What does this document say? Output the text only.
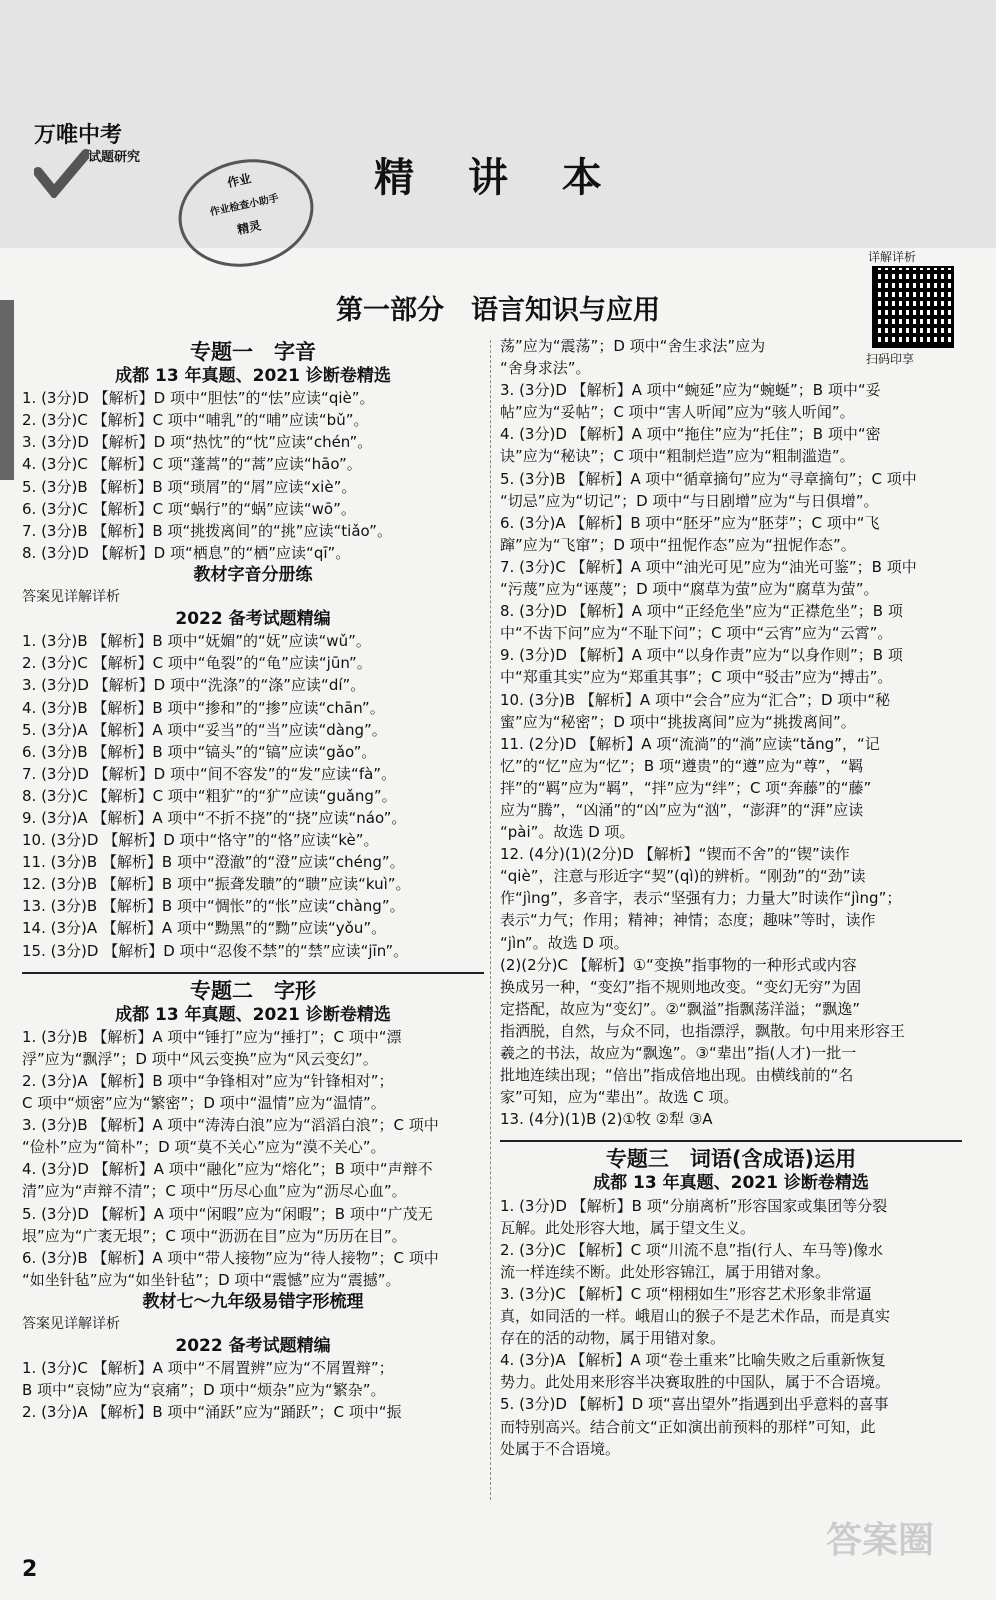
万唯中考
试题研究
作业
作业检查小助手
精灵
精 讲 本
详解详析
扫码印享
第一部分　语言知识与应用
专题一　字音
成都 13 年真题、2021 诊断卷精选
1. (3分)D 【解析】D 项中“胆怯”的“怯”应读“qiè”。
2. (3分)C 【解析】C 项中“哺乳”的“哺”应读“bǔ”。
3. (3分)D 【解析】D 项“热忱”的“忱”应读“chén”。
4. (3分)C 【解析】C 项“蓬蒿”的“蒿”应读“hāo”。
5. (3分)B 【解析】B 项“琐屑”的“屑”应读“xiè”。
6. (3分)C 【解析】C 项“蜗行”的“蜗”应读“wō”。
7. (3分)B 【解析】B 项“挑拨离间”的“挑”应读“tiǎo”。
8. (3分)D 【解析】D 项“栖息”的“栖”应读“qī”。
教材字音分册练
答案见详解详析
2022 备考试题精编
1. (3分)B 【解析】B 项中“妩媚”的“妩”应读“wǔ”。
2. (3分)C 【解析】C 项中“龟裂”的“龟”应读“jūn”。
3. (3分)D 【解析】D 项中“洗涤”的“涤”应读“dí”。
4. (3分)B 【解析】B 项中“掺和”的“掺”应读“chān”。
5. (3分)A 【解析】A 项中“妥当”的“当”应读“dàng”。
6. (3分)B 【解析】B 项中“镐头”的“镐”应读“gǎo”。
7. (3分)D 【解析】D 项中“间不容发”的“发”应读“fà”。
8. (3分)C 【解析】C 项中“粗犷”的“犷”应读“guǎng”。
9. (3分)A 【解析】A 项中“不折不挠”的“挠”应读“náo”。
10. (3分)D 【解析】D 项中“恪守”的“恪”应读“kè”。
11. (3分)B 【解析】B 项中“澄澈”的“澄”应读“chéng”。
12. (3分)B 【解析】B 项中“振聋发聩”的“聩”应读“kuì”。
13. (3分)B 【解析】B 项中“惆怅”的“怅”应读“chàng”。
14. (3分)A 【解析】A 项中“黝黑”的“黝”应读“yǒu”。
15. (3分)D 【解析】D 项中“忍俊不禁”的“禁”应读“jīn”。
专题二　字形
成都 13 年真题、2021 诊断卷精选
1. (3分)B 【解析】A 项中“锤打”应为“捶打”；C 项中“漂
浮”应为“飘浮”；D 项中“风云变换”应为“风云变幻”。
2. (3分)A 【解析】B 项中“争锋相对”应为“针锋相对”；
C 项中“烦密”应为“繁密”；D 项中“温情”应为“温情”。
3. (3分)B 【解析】A 项中“涛涛白浪”应为“滔滔白浪”；C 项中
“俭朴”应为“简朴”；D 项“莫不关心”应为“漠不关心”。
4. (3分)D 【解析】A 项中“融化”应为“熔化”；B 项中“声辩不
清”应为“声辩不清”；C 项中“历尽心血”应为“沥尽心血”。
5. (3分)D 【解析】A 项中“闲暇”应为“闲暇”；B 项中“广茂无
垠”应为“广袤无垠”；C 项中“沥沥在目”应为“历历在目”。
6. (3分)B 【解析】A 项中“带人接物”应为“待人接物”；C 项中
“如坐针毡”应为“如坐针毡”；D 项中“震憾”应为“震撼”。
教材七～九年级易错字形梳理
答案见详解详析
2022 备考试题精编
1. (3分)C 【解析】A 项中“不屑置辨”应为“不屑置辩”；
B 项中“哀恸”应为“哀痛”；D 项中“烦杂”应为“繁杂”。
2. (3分)A 【解析】B 项中“涌跃”应为“踊跃”；C 项中“振
荡”应为“震荡”；D 项中“舍生求法”应为
“舍身求法”。
3. (3分)D 【解析】A 项中“蜿延”应为“蜿蜒”；B 项中“妥
帖”应为“妥帖”；C 项中“害人听闻”应为“骇人听闻”。
4. (3分)D 【解析】A 项中“拖住”应为“托住”；B 项中“密
诀”应为“秘诀”；C 项中“粗制烂造”应为“粗制滥造”。
5. (3分)B 【解析】A 项中“循章摘句”应为“寻章摘句”；C 项中
“切忌”应为“切记”；D 项中“与日剧增”应为“与日俱增”。
6. (3分)A 【解析】B 项中“胚牙”应为“胚芽”；C 项中“飞
蹿”应为“飞窜”；D 项中“扭怩作态”应为“扭怩作态”。
7. (3分)C 【解析】A 项中“油光可见”应为“油光可鉴”；B 项中
“污蔑”应为“诬蔑”；D 项中“腐草为萤”应为“腐草为萤”。
8. (3分)D 【解析】A 项中“正经危坐”应为“正襟危坐”；B 项
中“不齿下问”应为“不耻下问”；C 项中“云宵”应为“云霄”。
9. (3分)D 【解析】A 项中“以身作责”应为“以身作则”；B 项
中“郑重其实”应为“郑重其事”；C 项中“驳击”应为“搏击”。
10. (3分)B 【解析】A 项中“会合”应为“汇合”；D 项中“秘
蜜”应为“秘密”；D 项中“挑拔离间”应为“挑拨离间”。
11. (2分)D 【解析】A 项“流淌”的“淌”应读“tǎng”，“记
忆”的“忆”应为“忆”；B 项“遵贵”的“遵”应为“尊”，“羁
拌”的“羁”应为“羁”，“拌”应为“绊”；C 项“奔藤”的“藤”
应为“腾”，“凶涌”的“凶”应为“汹”，“澎湃”的“湃”应读
“pài”。故选 D 项。
12. (4分)(1)(2分)D 【解析】“锲而不舍”的“锲”读作
“qiè”，注意与形近字“契”(qì)的辨析。“刚劲”的“劲”读
作“jìng”，多音字，表示“坚强有力；力量大”时读作“jìng”；
表示“力气；作用；精神；神情；态度；趣味”等时，读作
“jìn”。故选 D 项。
(2)(2分)C 【解析】①“变换”指事物的一种形式或内容
换成另一种，“变幻”指不规则地改变。“变幻无穷”为固
定搭配，故应为“变幻”。②“飘溢”指飘荡洋溢；“飘逸”
指洒脱，自然，与众不同，也指漂浮，飘散。句中用来形容王
羲之的书法，故应为“飘逸”。③“辈出”指(人才)一批一
批地连续出现；“倍出”指成倍地出现。由横线前的“名
家”可知，应为“辈出”。故选 C 项。
13. (4分)(1)B (2)①牧 ②犁 ③A
专题三　词语(含成语)运用
成都 13 年真题、2021 诊断卷精选
1. (3分)D 【解析】B 项“分崩离析”形容国家或集团等分裂
瓦解。此处形容大地，属于望文生义。
2. (3分)C 【解析】C 项“川流不息”指(行人、车马等)像水
流一样连续不断。此处形容锦江，属于用错对象。
3. (3分)C 【解析】C 项“栩栩如生”形容艺术形象非常逼
真，如同活的一样。峨眉山的猴子不是艺术作品，而是真实
存在的活的动物，属于用错对象。
4. (3分)A 【解析】A 项“卷土重来”比喻失败之后重新恢复
势力。此处用来形容半决赛取胜的中国队，属于不合语境。
5. (3分)D 【解析】D 项“喜出望外”指遇到出乎意料的喜事
而特别高兴。结合前文“正如演出前预料的那样”可知，此
处属于不合语境。
2
答案圈
